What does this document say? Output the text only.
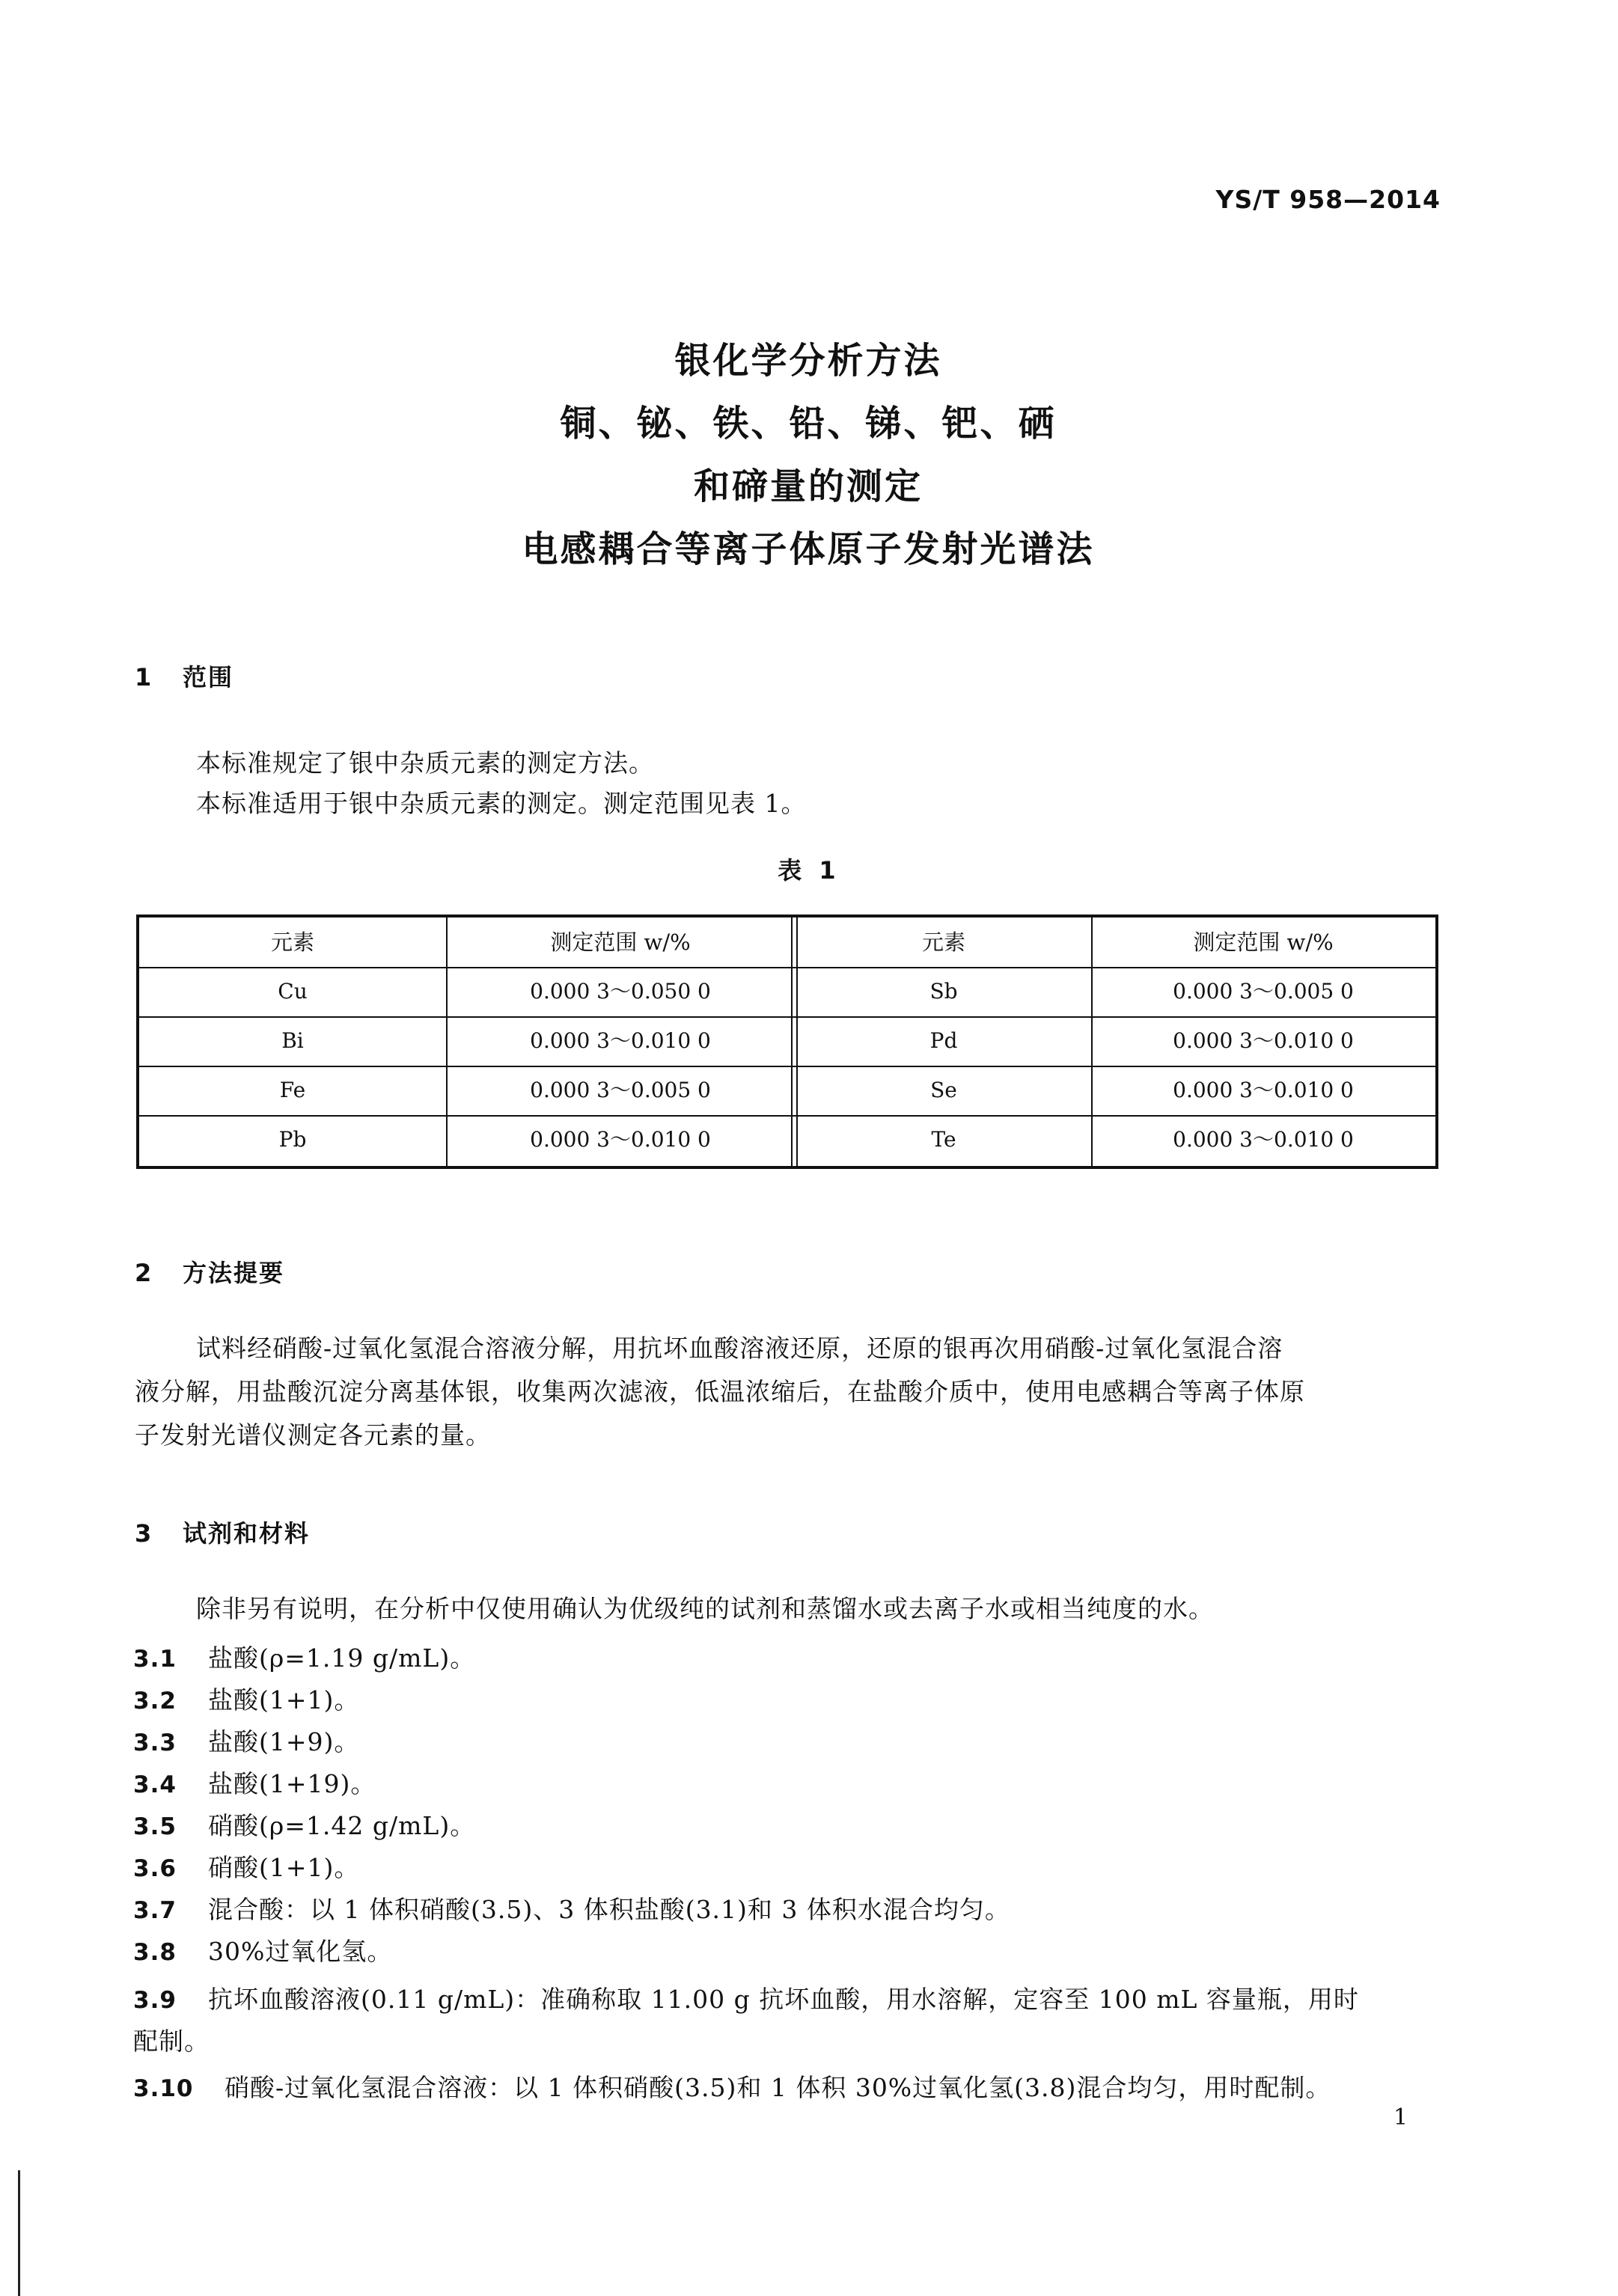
YS/T 958—2014
银化学分析方法
铜、铋、铁、铅、锑、钯、硒
和碲量的测定
电感耦合等离子体原子发射光谱法
1 范围
本标准规定了银中杂质元素的测定方法。
本标准适用于银中杂质元素的测定。测定范围见表 1。
表 1
元素	测定范围 w/%	元素	测定范围 w/%
Cu	0.000 3～0.050 0	Sb	0.000 3～0.005 0
Bi	0.000 3～0.010 0	Pd	0.000 3～0.010 0
Fe	0.000 3～0.005 0	Se	0.000 3～0.010 0
Pb	0.000 3～0.010 0	Te	0.000 3～0.010 0
2 方法提要
试料经硝酸-过氧化氢混合溶液分解，用抗坏血酸溶液还原，还原的银再次用硝酸-过氧化氢混合溶
液分解，用盐酸沉淀分离基体银，收集两次滤液，低温浓缩后，在盐酸介质中，使用电感耦合等离子体原
子发射光谱仪测定各元素的量。
3 试剂和材料
除非另有说明，在分析中仅使用确认为优级纯的试剂和蒸馏水或去离子水或相当纯度的水。
3.1 盐酸(ρ=1.19 g/mL)。
3.2 盐酸(1+1)。
3.3 盐酸(1+9)。
3.4 盐酸(1+19)。
3.5 硝酸(ρ=1.42 g/mL)。
3.6 硝酸(1+1)。
3.7 混合酸：以 1 体积硝酸(3.5)、3 体积盐酸(3.1)和 3 体积水混合均匀。
3.8 30%过氧化氢。
3.9 抗坏血酸溶液(0.11 g/mL)：准确称取 11.00 g 抗坏血酸，用水溶解，定容至 100 mL 容量瓶，用时
配制。
3.10 硝酸-过氧化氢混合溶液：以 1 体积硝酸(3.5)和 1 体积 30%过氧化氢(3.8)混合均匀，用时配制。
1
